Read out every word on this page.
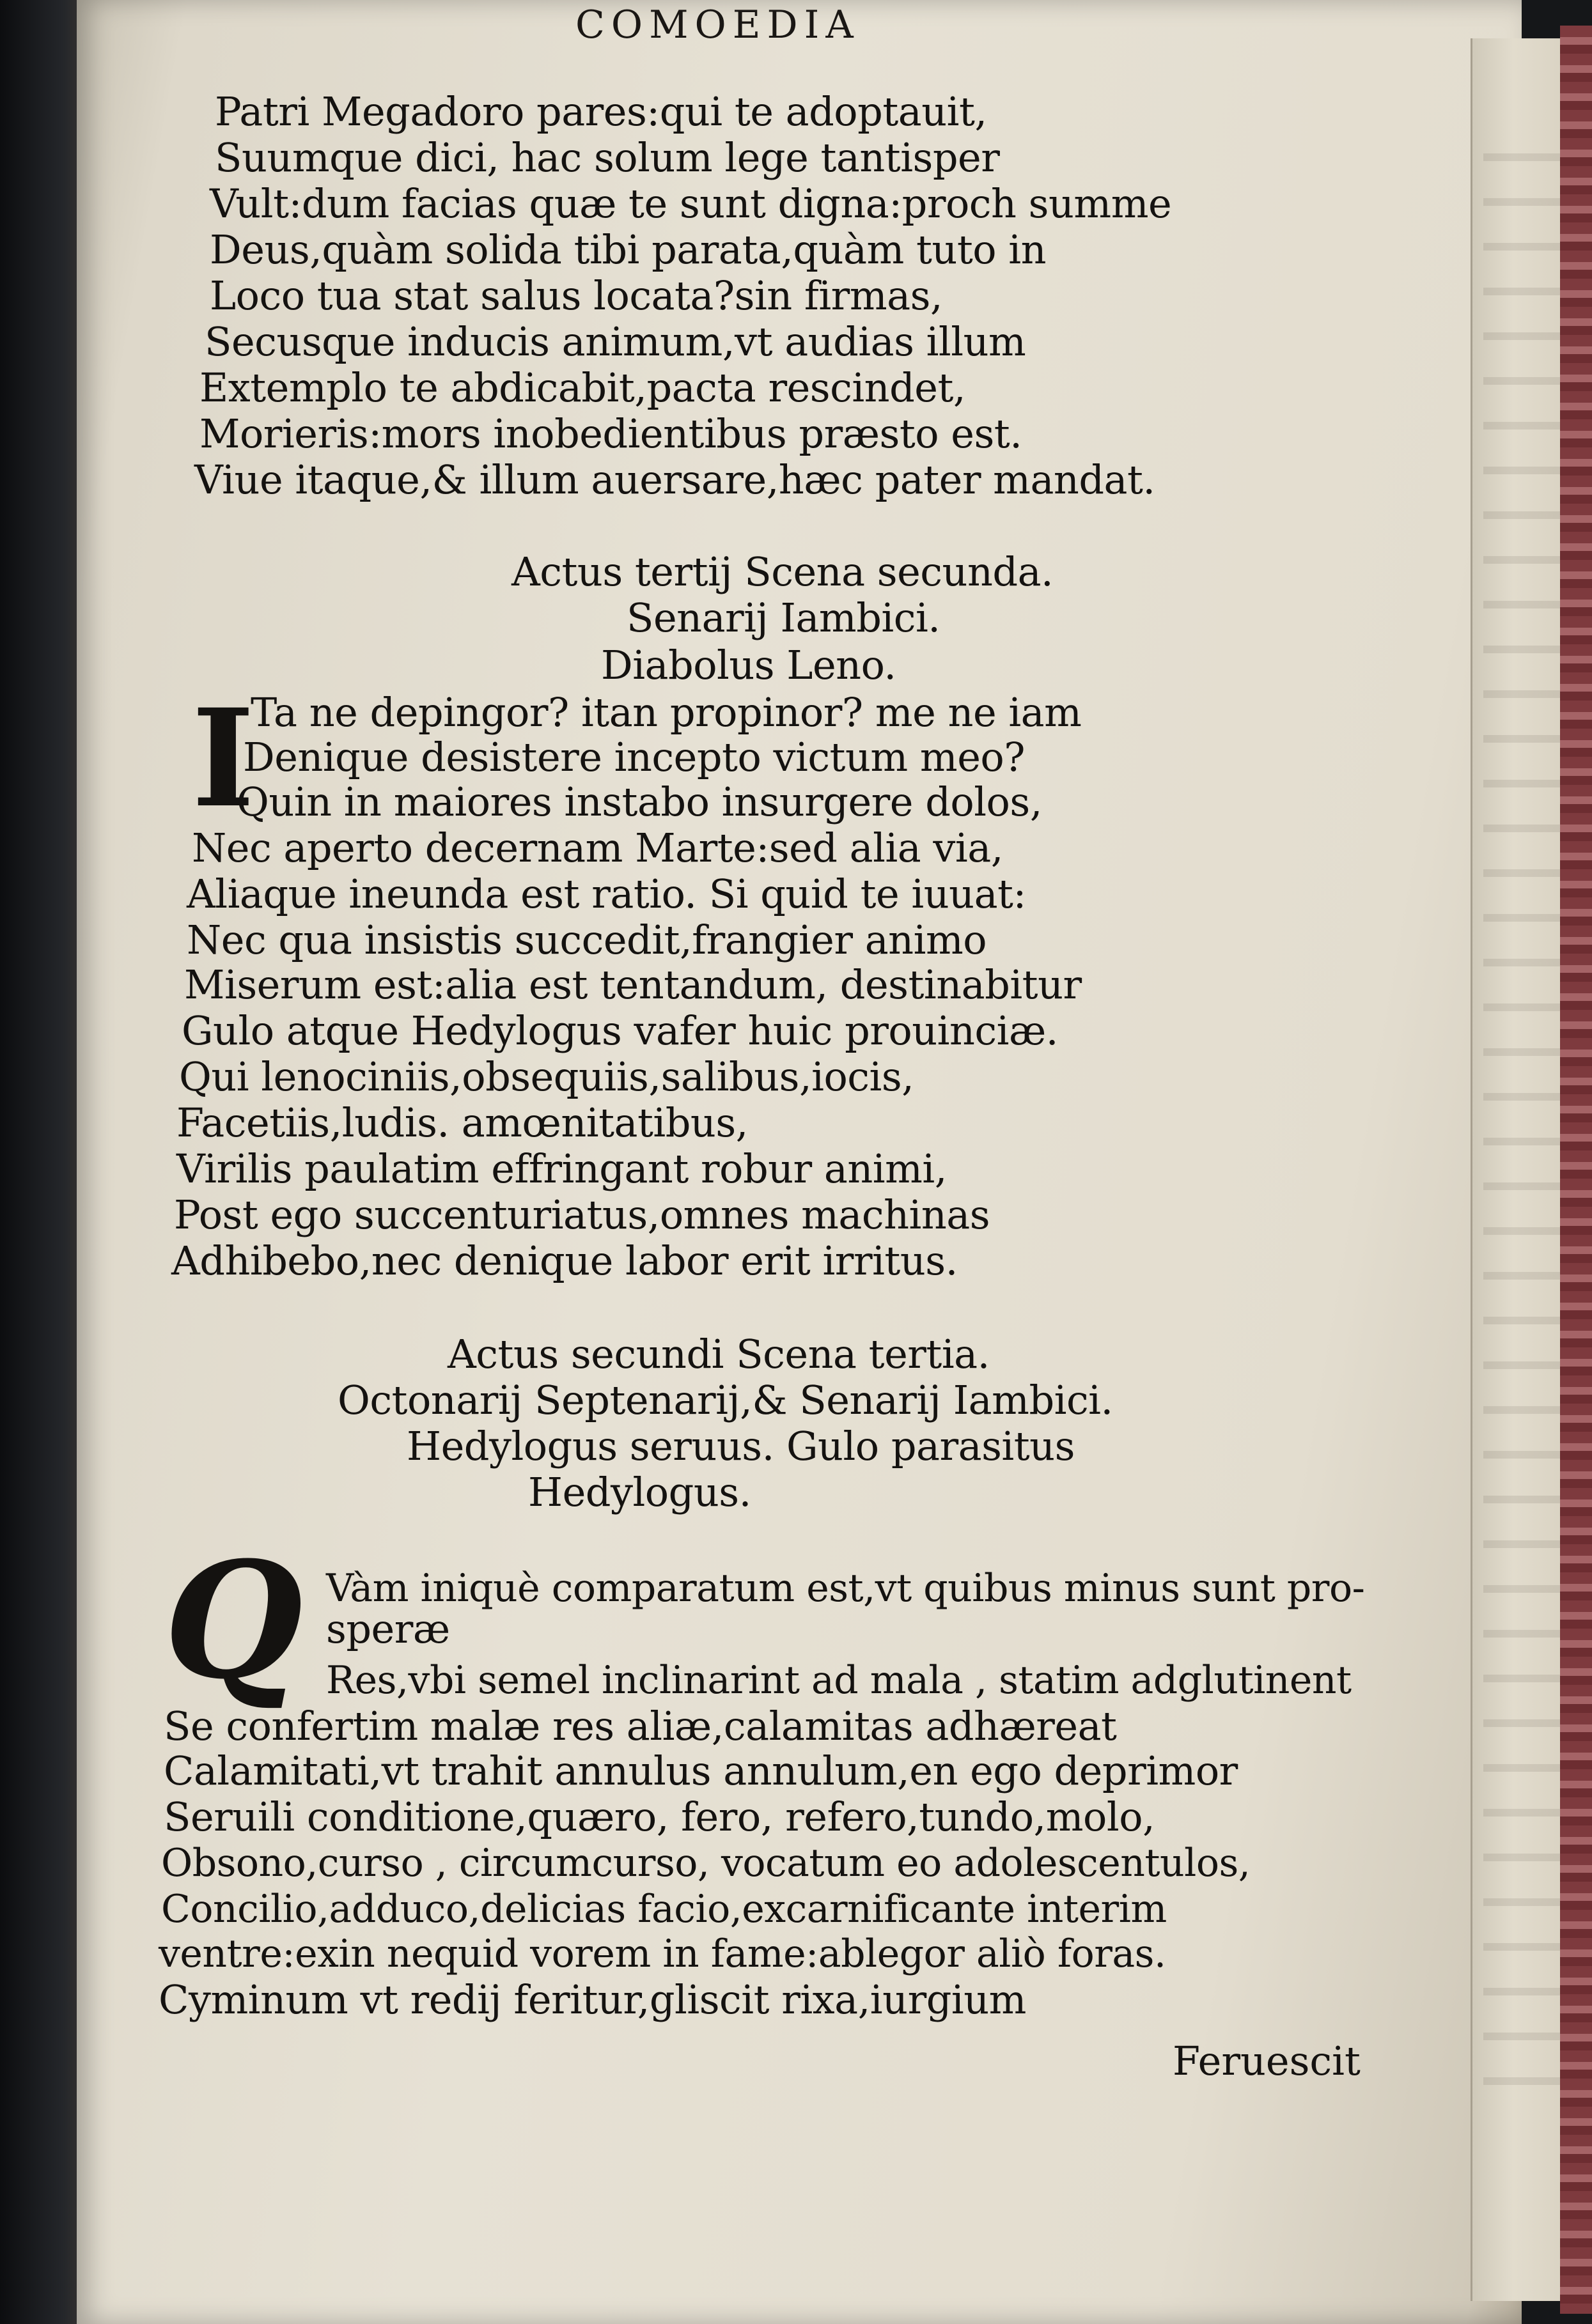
COMOEDIA
Patri Megadoro pares:qui te adoptauit,
Suumque dici, hac solum lege tantisper
Vult:dum facias quæ te sunt digna:proch summe
Deus,quàm solida tibi parata,quàm tuto in
Loco tua stat salus locata?sin firmas,
Secusque inducis animum,vt audias illum
Extemplo te abdicabit,pacta rescindet,
Morieris:mors inobedientibus præsto est.
Viue itaque,& illum auersare,hæc pater mandat.
Actus tertij Scena secunda.
Senarij Iambici.
Diabolus Leno.
I
Ta ne depingor? itan propinor? me ne iam
Denique desistere incepto victum meo?
Quin in maiores instabo insurgere dolos,
Nec aperto decernam Marte:sed alia via,
Aliaque ineunda est ratio. Si quid te iuuat:
Nec qua insistis succedit,frangier animo
Miserum est:alia est tentandum, destinabitur
Gulo atque Hedylogus vafer huic prouinciæ.
Qui lenociniis,obsequiis,salibus,iocis,
Facetiis,ludis. amœnitatibus,
Virilis paulatim effringant robur animi,
Post ego succenturiatus,omnes machinas
Adhibebo,nec denique labor erit irritus.
Actus secundi Scena tertia.
Octonarij Septenarij,& Senarij Iambici.
Hedylogus seruus. Gulo parasitus
Hedylogus.
Q Vàm iniquè comparatum est,vt quibus minus sunt pro-
speræ
Res,vbi semel inclinarint ad mala , statim adglutinent
Se confertim malæ res aliæ,calamitas adhæreat
Calamitati,vt trahit annulus annulum,en ego deprimor
Seruili conditione,quæro, fero, refero,tundo,molo,
Obsono,curso , circumcurso, vocatum eo adolescentulos,
Concilio,adduco,delicias facio,excarnificante interim
ventre:exin nequid vorem in fame:ablegor aliò foras.
Cyminum vt redij feritur,gliscit rixa,iurgium
Feruescit
